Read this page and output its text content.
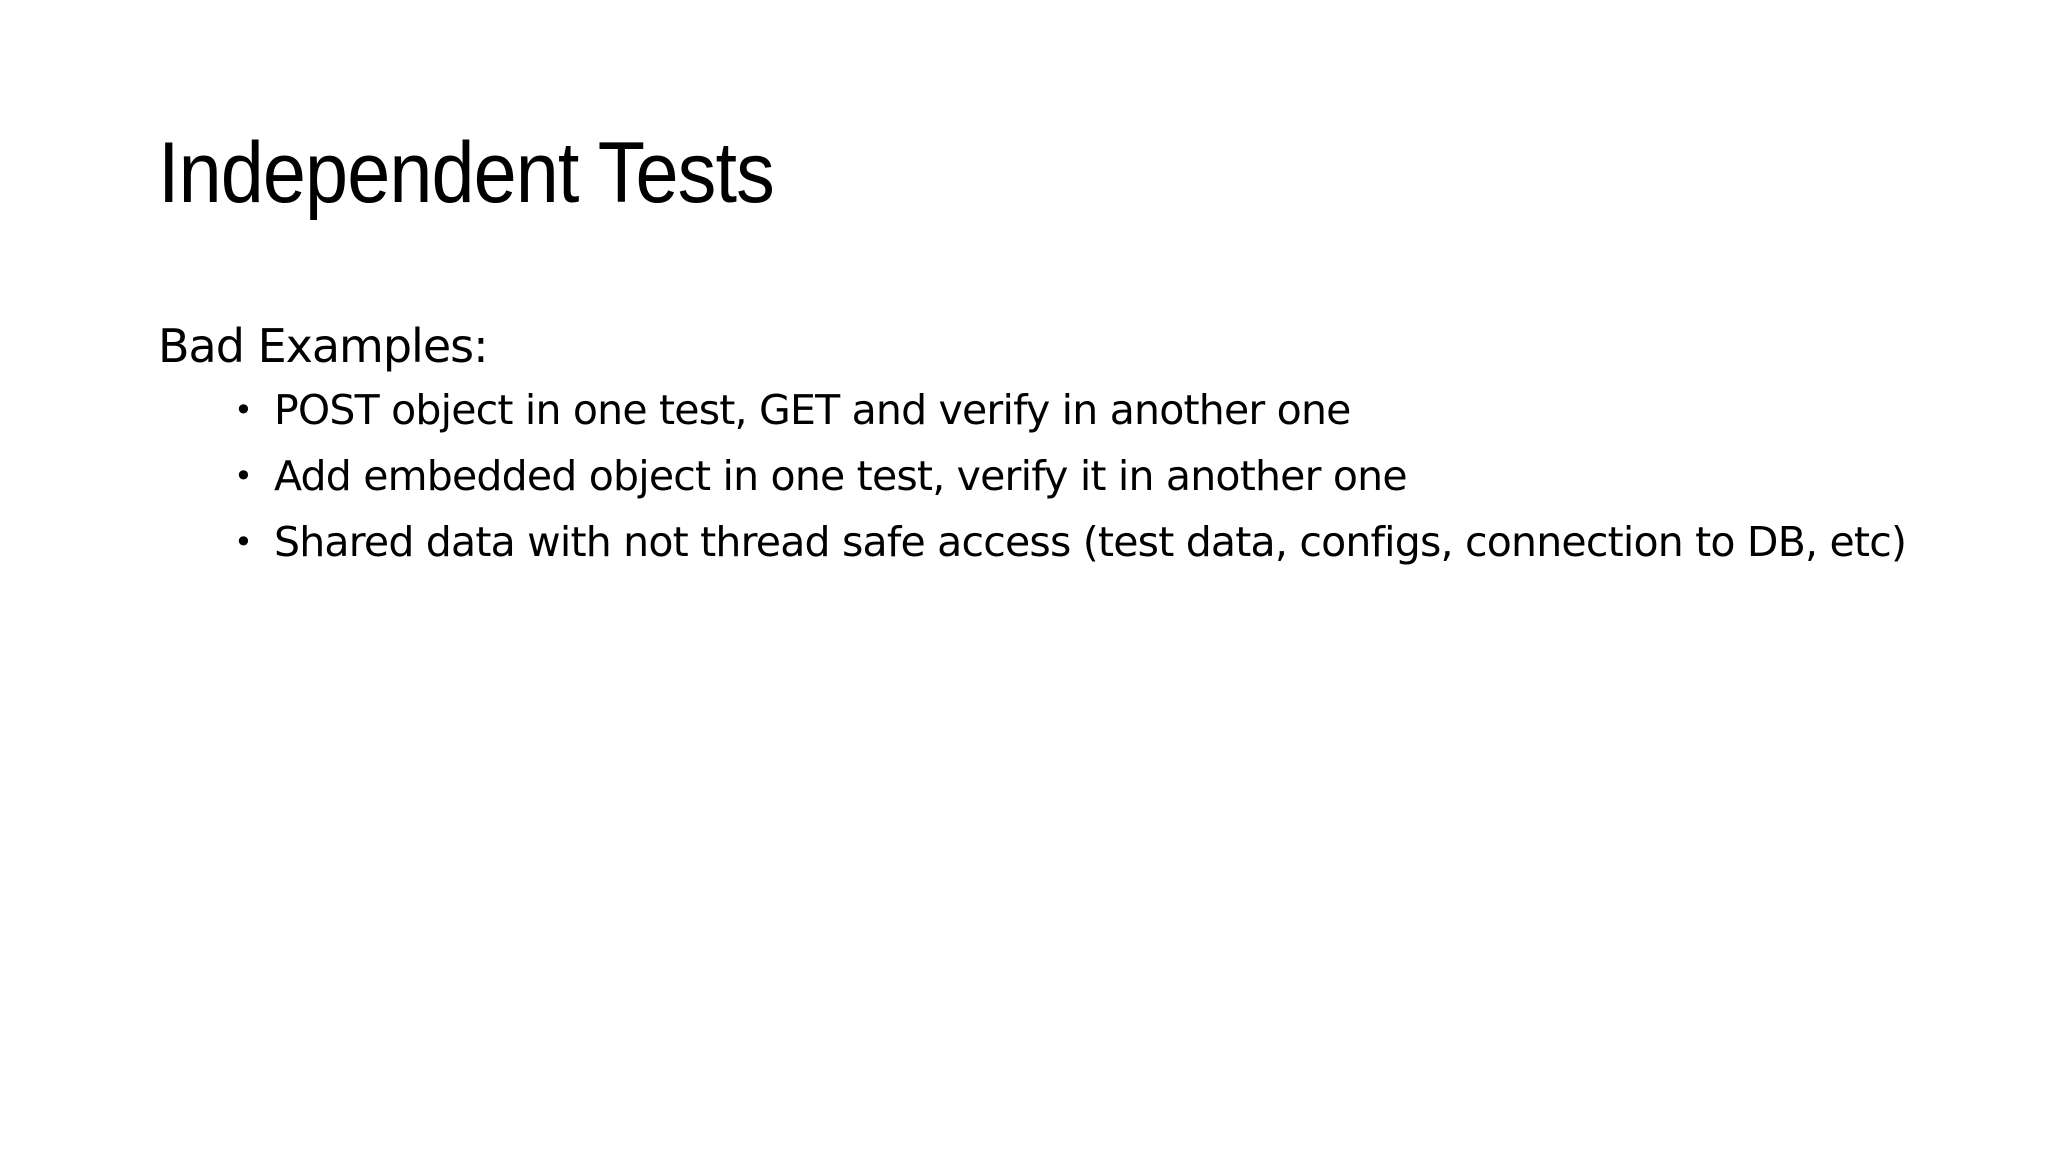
Independent Tests

Bad Examples:

• POST object in one test, GET and verify in another one
• Add embedded object in one test, verify it in another one
• Shared data with not thread safe access (test data, configs, connection to DB, etc)
